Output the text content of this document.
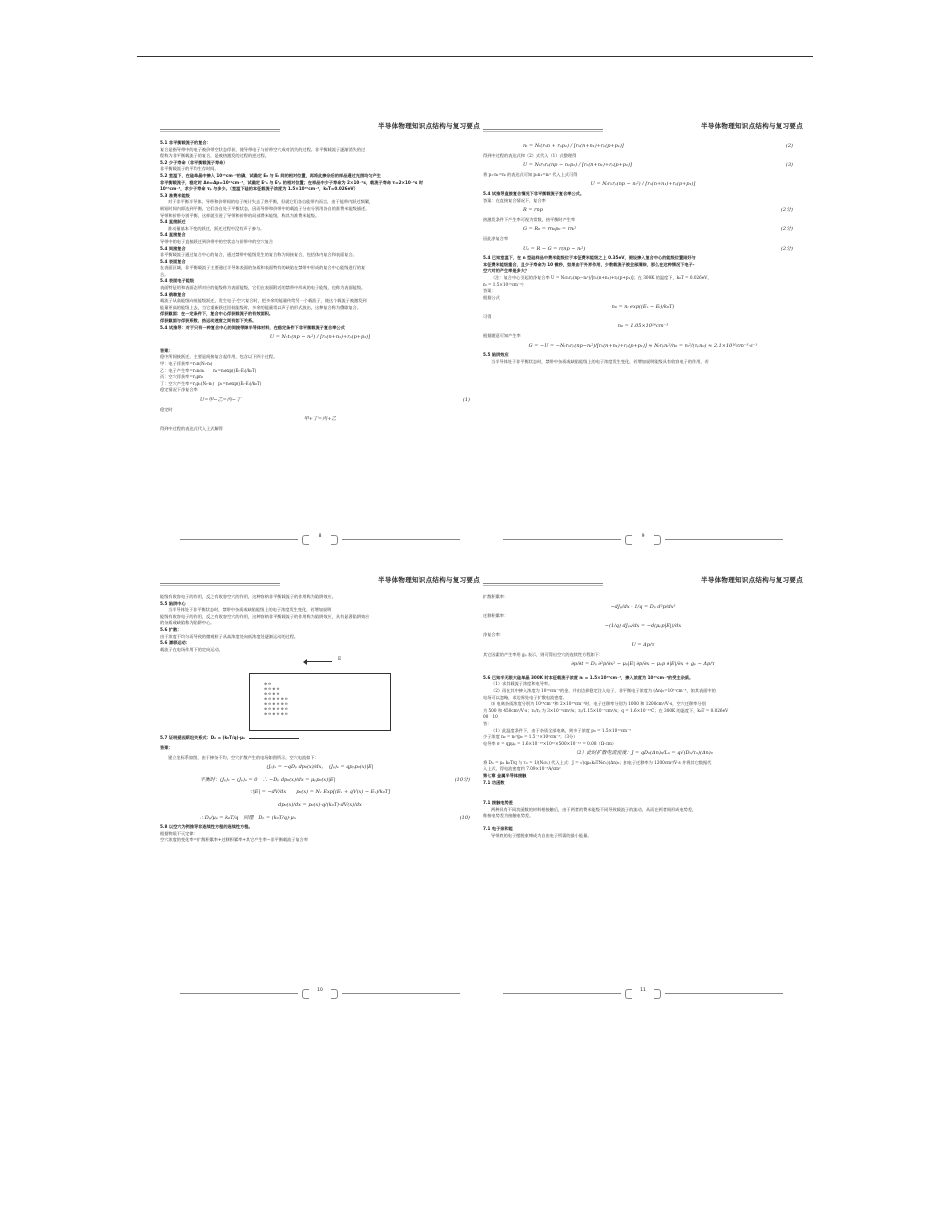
半导体物理知识点结构与复习要点
5.1 非平衡载流子的复合：
复合是指导带中的电子被价带空状态俘获，使导带电子与价带空穴成对消失的过程。非平衡载流子逐渐消失的过
程称为非平衡载流子的复合，是被热激发的过程的逆过程。
5.2 少子寿命（非平衡载流子寿命）
非平衡载流子的平均生存时间。
5.2 室温下，在硅单晶中掺入 10¹⁵cm⁻³的磷，试确定 E₀ 与 Eᵢ 间的相对位置，再将此掺杂后的样品通过光照均匀产生
非平衡载流子，稳定时 Δn=Δp=10¹²cm⁻³，试确定 Eᶠₙ 与 Eᶠₚ 的相对位置；在样品中少子寿命为 2×10⁻⁶s，载流子寿命 τ=2×10⁻⁶s 时
10¹⁰cm⁻³，求少子寿命 τₚ 与多少。（室温下硅的本征载流子浓度为 1.5×10¹⁰cm⁻³，k₀T=0.026eV）
5.3 准费米能级
对于非平衡半导体，导带和价带间的电子统计失去了热平衡，但就它们各自能带内而言，由于能带内跃迁频繁，
极短时间内即达到平衡，它们各自处于平衡状态，因而导带和价带中的载流子分布分别用各自的准费米能级描述。
导带和价带分别平衡，这样就引进了导带和价带的局部费米能级，称其为准费米能级。
5.4 直接跃迁
准动量基本不变的跃迁，跃迁过程中没有声子参与。
5.4 直接复合
导带中的电子直接跃迁到价带中的空状态与价带中的空穴复合
5.4 间接复合
非平衡载流子通过复合中心的复合，通过禁带中能级发生的复合称为间接复合，包括体内复合和表面复合。
5.4 表面复合
在表面区域，非平衡载流子主要通过半导体表面的杂质和表面特有的缺陷在禁带中形成的复合中心能级进行的复
合。
5.4 表面电子能级
表面特征的和表面态所对应的能级称为表面能级，它们在表面附近的禁带中形成的电子能级，也称为表面能级。
5.4 俄歇复合
载流子从高能级向低能级跃迁，发生电子-空穴复合时，把多余的能量传给另一个载流子，使这个载流子被激发到
能量更高的能级上去，当它重新跃迁回低能级时，多余的能量常以声子的形式放出，这种复合称为俄歇复合。
俘获截面：在一定条件下，复合中心俘获载流子的有效面积。
俘获截面与俘获系数、热运动速度之间有如下关系。
5.4 试推导：对于只有一种复合中心的间接带隙半导体材料，在稳定条件下非平衡载流子复合率公式
U = Nᵣtᵣ(np − nᵢ²) / [rₙ(n+n₁)+rₚ(p+p₁)]
答案：
稳中所间接跃迁，主要是间接复合起作用，包含以下四个过程。
甲：电子俘获率=rₙn(Nₜ-nₜ)
乙：电子产生率=rₙnₜn₁　　n₁=nᵢexp((Eₜ-Eᵢ)/k₀T)
丙：空穴俘获率=rₚpnₜ
丁：空穴产生率=rₚp₁(Nₜ-nₜ)　p₁=nᵢexp((Eᵢ-Eₜ)/k₀T)
稳定情况下净复合率
U=甲−乙=丙−丁	(1)
稳定时
甲+丁=丙+乙
得到中过程的表达式代入上式解得
8
半导体物理知识点结构与复习要点
nₜ = Nₜ(rₙn + rₚp₁) / [rₙ(n+n₁)+rₚ(p+p₁)]	(2)
得到中过程的表达式和（2）式代入（1）式整理得
U = Nₜrₙrₚ(np − n₁p₁) / [rₙ(n+n₁)+rₚ(p+p₁)]	(3)
将 p₁·n₁=nᵢ 的表达式可知 p₁n₁=nᵢ² 代入上式可得
U = Nₜrₙrₚ(np − nᵢ²) / [rₙ(n+n₁)+rₚ(p+p₁)]
5.4 试推导直接复合情况下非平衡载流子复合率公式。
答案：在直接复合情况下，复合率
R = rnp	(2分)
热激发条件下产生率可视为常数，热平衡时产生率
G = R₀ = rn₀p₀ = rnᵢ²	(2分)
因此净复合率
Uₐ = R − G = r(np − nᵢ²)	(2分)
5.4 已知室温下，在 n 型硅样品中费米能级位于本征费米能级之上 0.35eV，假设掺入复合中心的能级位置刚好与
本征费米能级重合，且少子寿命为 10 微秒，如果由于外界作用，少数载流子被全部清除，那么在这种情况下电子-
空穴对的产生率是多大？
（注：复合中心引起的净复合率 U = Nₜrₙrₚ(np−nᵢ²)/[rₙ(n+n₁)+rₚ(p+p₁)]；在 300K 的温度下，k₀T = 0.026eV，
nᵢ = 1.5×10¹⁰cm⁻³）
答案：
根据公式
n₀ = nᵢ exp((Eₓ − Eᵢ)/k₀T)
可得
n₀ = 1.05×10¹⁶cm⁻³
根据题意可知产生率
G = −U = −Nₜrₙrₚ(np−nᵢ²)/[rₙ(n+n₁)+rₚ(p+p₁)] ≈ Nₜrₚnᵢ²/n₀ = nᵢ²/(τₚn₀) ≈ 2.1×10¹⁰cm⁻³·s⁻¹
5.5 陷阱效应
当半导体处于非平衡状态时，禁带中杂质或缺陷能级上的电子浓度发生变化，若增加说明能级具有收容电子的作用，若
9
半导体物理知识点结构与复习要点
能级有收容电子的作用，反之有收容空穴的作用，这种容纳非平衡载流子的作用称为陷阱效应。
5.5 陷阱中心
当半导体处于非平衡状态时，禁带中杂质或缺陷能级上的电子浓度发生变化，若增加说明
能级有收容电子的作用，反之有收容空穴的作用，这种容纳非平衡载流子的作用称为陷阱效应，具有显著陷阱效应
的杂质或缺陷称为陷阱中心。
5.6 扩散：
由于浓度不均匀而导致的微观粒子从高浓度处向低浓度处逐渐运动的过程。
5.6 漂移运动：
载流子在电场作用下的定向运动。
E
⊕ ⊖
⊕ ⊖ ⊕ ⊖
⊕ ⊖ ⊕ ⊖
⊕ ⊖ ⊕ ⊖ ⊕ ⊖
⊕ ⊖ ⊕ ⊖ ⊕ ⊖
⊕ ⊖ ⊕ ⊖ ⊕ ⊖
⊕ ⊖ ⊕ ⊖ ⊕ ⊖
5.7 证明爱因斯坦关系式：Dₙ = (k₀T/q)·μₙ
答案：
建立坐标系如图，由于掺杂不均，空穴扩散产生的电场如图所示，空穴电流如下：
(Jₚ)ₓ = −qDₚ dp₀(x)/dx，　(Jₚ)ₔ = qpₚp₀(x)|E|
平衡时：(Jₚ)ₓ − (Jₚ)ₔ = 0　∴ −Dₚ dp₀(x)/dx = μₚp₀(x)|E|	(10分)
∵|E| = −dV/dx　　p₀(x) = Nᵥ Exp[(Eᵥ + qV(x) − Eₓ)/k₀T]
dp₀(x)/dx = p₀(x)·q/(k₀T)·dV(x)/dx
∴ Dₚ/μₚ = k₀T/q　同理　Dₙ = (k₀T/q)·μₙ	(10)
5.8 以空穴为例推导非连续性方程的连续性方程。
根据物质不灭定律：
空穴浓度的变化率=扩散积累率+迁移积累率+其它产生率−非平衡载流子复合率
10
半导体物理知识点结构与复习要点
扩散积累率：
−dJₚ/dx · 1/q = Dₚ d²p/dx²
迁移积累率：
−(1/q) dJₚₔ/dx = −d(μₚp|E|)/dx
净复合率：
U = Δp/τ
其它因素的产生率用 gₚ 表示，则可得出空穴的连续性方程如下：
∂p/∂t = Dₚ ∂²p/∂x² − μₚ|E| ∂p/∂x − μₚp ∂|E|/∂x + gₚ − Δp/τ
5.6 已知半无限大硅单晶 300K 时本征载流子浓度 nᵢ = 1.5×10¹⁰cm⁻³，掺入浓度为 10¹⁵cm⁻³的受主杂质。
（1）求其载流子浓度和电导率。
（2）再在其中掺入浓度为 10¹⁶cm⁻³的金，并由边界稳定注入电子，非平衡电子浓度为 (Δn)₀=10¹⁰cm⁻³，如其表面中的
电场可以忽略，求边界处电子扩散电流密度。
⑶ 电离杂质浓度分别为 10¹⁴cm⁻³和 2×10¹⁴cm⁻³时，电子迁移率分别为 1000 和 1200cm²/V·s，空穴迁移率分别
为 500 和 450cm²/V·s；rₙ/rₚ 为 3×10⁻⁸cm³/s；rₚ/1.15×10⁻⁷cm³/s；q = 1.6×10⁻¹⁹C；在 300K 的温度下，k₀T = 0.026eV
00　10
答：
（1）此温度条件下，由于杂质全部电离，则多子浓度 p₀ = 1.5×10¹⁵cm⁻³
少子浓度 n₀ = nᵢ²/p₀ = 1.5⁻¹×10⁵cm⁻³；（3分）
电导率 σ = qpμₚ = 1.6×10⁻¹⁹×10¹⁵×500×10⁻¹³ = 0.08（Ω·cm）
（2）此时扩散电流密度：J = qDₙ(Δn)₀/Lₙ = q√(Dₙ/τₙ)(Δn)₀
将 Dₙ = μₙ k₀T/q 与 τₙ = 1/(Nₜrₙ) 代入上式：J = √(qμₙk₀TNₜrₙ)(Δn)₀；扣电子迁移率为 1200cm²/V·s 并将其它数据代
入上式，得电流密度约 7.09×10⁻⁸A/cm²
第七章 金属半导体接触
7.1 功函数
7.1 接触电势差
两种具有不同功函数的材料相接触后，由于两者的费米能级不同导致载流子的流动，从而在两者间形成电势差，
称接电势差为接触电势差。
7.1 电子亲和能
导带底的电子摆脱束缚成为自由电子所需的最小能量。
11
